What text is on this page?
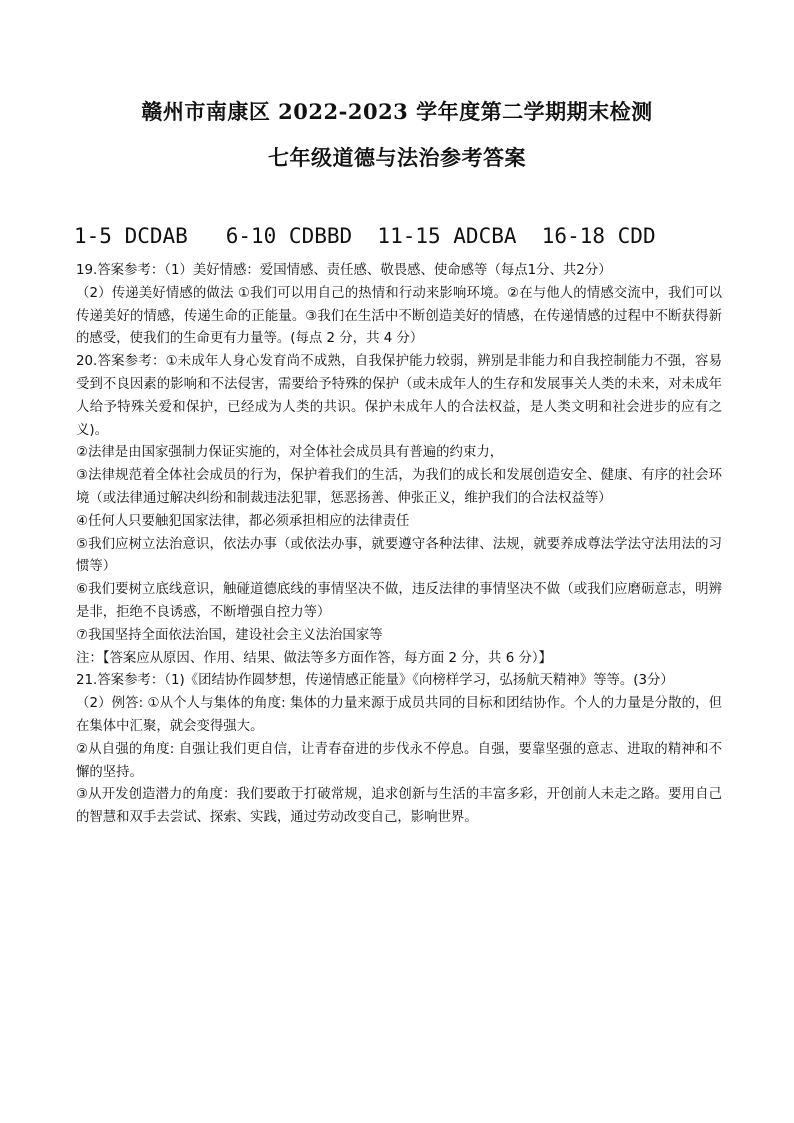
赣州市南康区 2022-2023 学年度第二学期期末检测
七年级道德与法治参考答案
1-5 DCDAB   6-10 CDBBD  11-15 ADCBA  16-18 CDD

19.答案参考：（1）美好情感：爱国情感、责任感、敬畏感、使命感等（每点1分、共2分）

（2）传递美好情感的做法 ①我们可以用自己的热情和行动来影响环境。②在与他人的情感交流中，我们可以传递美好的情感，传递生命的正能量。③我们在生活中不断创造美好的情感，在传递情感的过程中不断获得新的感受，使我们的生命更有力量等。(每点 2 分，共 4 分）

20.答案参考：①未成年人身心发育尚不成熟，自我保护能力较弱，辨别是非能力和自我控制能力不强，容易受到不良因素的影响和不法侵害，需要给予特殊的保护（或未成年人的生存和发展事关人类的未来，对未成年人给予特殊关爱和保护，已经成为人类的共识。保护未成年人的合法权益，是人类文明和社会进步的应有之义)。

②法律是由国家强制力保证实施的，对全体社会成员具有普遍的约束力，

③法律规范着全体社会成员的行为，保护着我们的生活，为我们的成长和发展创造安全、健康、有序的社会环境（或法律通过解决纠纷和制裁违法犯罪，惩恶扬善、伸张正义，维护我们的合法权益等）

④任何人只要触犯国家法律，都必须承担相应的法律责任

⑤我们应树立法治意识，依法办事（或依法办事，就要遵守各种法律、法规，就要养成尊法学法守法用法的习惯等）

⑥我们要树立底线意识，触碰道德底线的事情坚决不做，违反法律的事情坚决不做（或我们应磨砺意志，明辨是非，拒绝不良诱惑，不断增强自控力等）

⑦我国坚持全面依法治国，建设社会主义法治国家等

注：【答案应从原因、作用、结果、做法等多方面作答，每方面 2 分，共 6 分）】

21.答案参考：（1)《团结协作圆梦想，传递情感正能量》《向榜样学习，弘扬航天精神》等等。(3分）

（2）例答: ①从个人与集体的角度: 集体的力量来源于成员共同的目标和团结协作。个人的力量是分散的，但在集体中汇聚，就会变得强大。

②从自强的角度: 自强让我们更自信，让青春奋进的步伐永不停息。自强，要靠坚强的意志、进取的精神和不懈的坚持。

③从开发创造潜力的角度：我们要敢于打破常规，追求创新与生活的丰富多彩，开创前人未走之路。要用自己的智慧和双手去尝试、探索、实践，通过劳动改变自己，影响世界。
